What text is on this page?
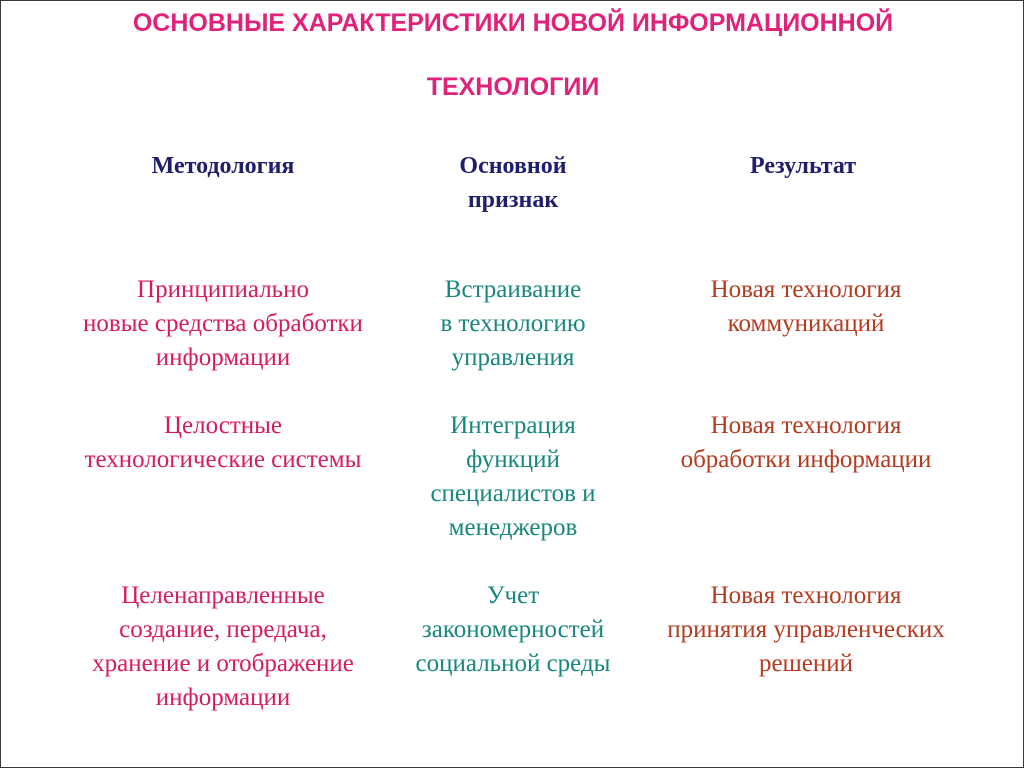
ОСНОВНЫЕ ХАРАКТЕРИСТИКИ НОВОЙ ИНФОРМАЦИОННОЙ
ТЕХНОЛОГИИ
Методология	Основной
признак
Результат
Принципиально
новые средства обработки
информации
Встраивание
в технологию
управления
Новая технология
коммуникаций
Целостные
технологические системы
Интеграция
функций
специалистов и
менеджеров
Новая технология
обработки информации
Целенаправленные
создание, передача,
хранение и отображение
информации
Учет
закономерностей
социальной среды
Новая технология
принятия управленческих
решений
